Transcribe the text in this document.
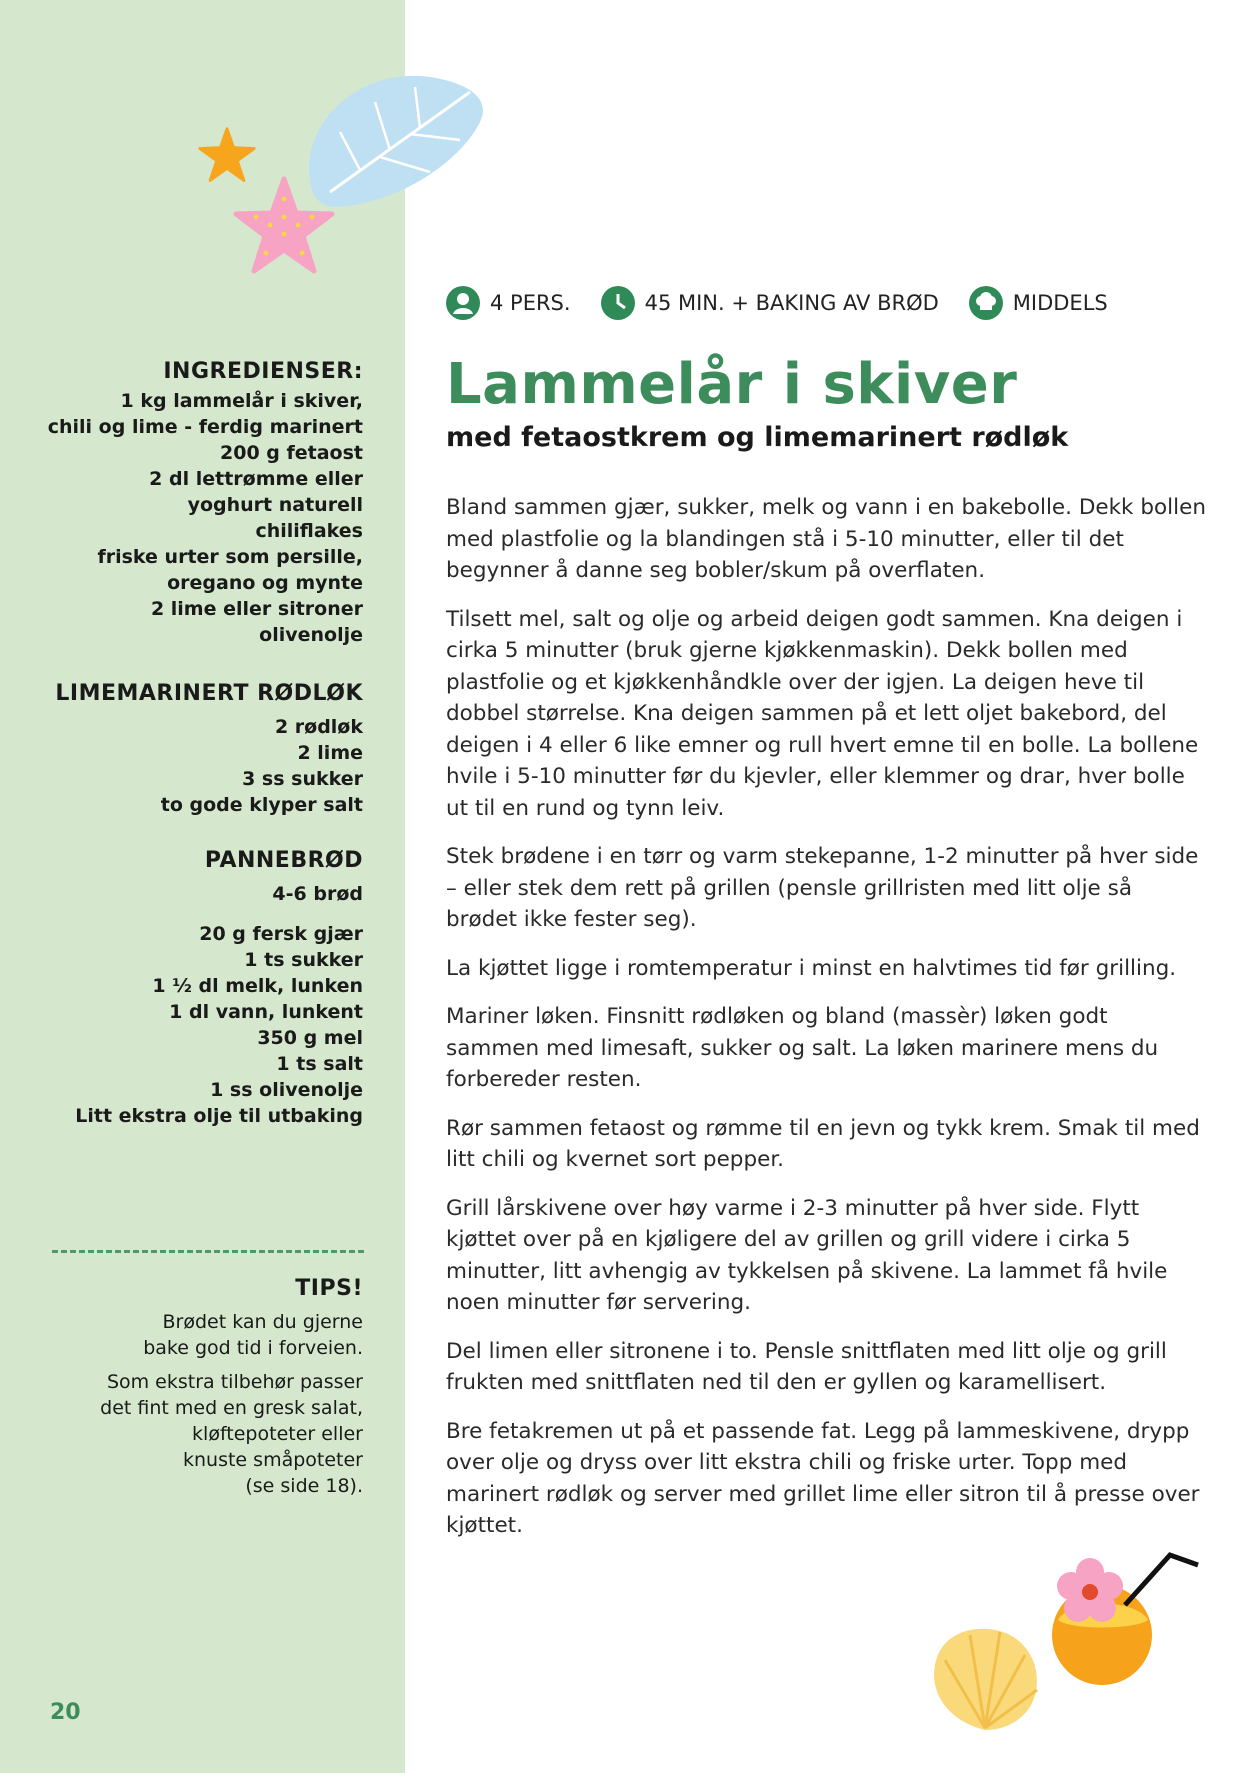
4 PERS.	45 MIN. + BAKING AV BRØD	MIDDELS
Lammelår i skiver
med fetaostkrem og limemarinert rødløk
INGREDIENSER:
1 kg lammelår i skiver,
chili og lime - ferdig marinert
200 g fetaost
2 dl lettrømme eller
yoghurt naturell
chiliflakes
friske urter som persille,
oregano og mynte
2 lime eller sitroner
olivenolje
LIMEMARINERT RØDLØK
2 rødløk
2 lime
3 ss sukker
to gode klyper salt
PANNEBRØD
4-6 brød
20 g fersk gjær
1 ts sukker
1 ½ dl melk, lunken
1 dl vann, lunkent
350 g mel
1 ts salt
1 ss olivenolje
Litt ekstra olje til utbaking
TIPS!
Brødet kan du gjerne
bake god tid i forveien.
Som ekstra tilbehør passer
det fint med en gresk salat,
kløftepoteter eller
knuste småpoteter
(se side 18).

Bland sammen gjær, sukker, melk og vann i en bakebolle. Dekk bollen med plastfolie og la blandingen stå i 5-10 minutter, eller til det begynner å danne seg bobler/skum på overflaten.

Tilsett mel, salt og olje og arbeid deigen godt sammen. Kna deigen i cirka 5 minutter (bruk gjerne kjøkkenmaskin). Dekk bollen med plastfolie og et kjøkkenhåndkle over der igjen. La deigen heve til dobbel størrelse. Kna deigen sammen på et lett oljet bakebord, del deigen i 4 eller 6 like emner og rull hvert emne til en bolle. La bollene hvile i 5-10 minutter før du kjevler, eller klemmer og drar, hver bolle ut til en rund og tynn leiv.

Stek brødene i en tørr og varm stekepanne, 1-2 minutter på hver side – eller stek dem rett på grillen (pensle grillristen med litt olje så brødet ikke fester seg).

La kjøttet ligge i romtemperatur i minst en halvtimes tid før grilling.

Mariner løken. Finsnitt rødløken og bland (massèr) løken godt sammen med limesaft, sukker og salt. La løken marinere mens du forbereder resten.

Rør sammen fetaost og rømme til en jevn og tykk krem. Smak til med litt chili og kvernet sort pepper.

Grill lårskivene over høy varme i 2-3 minutter på hver side. Flytt kjøttet over på en kjøligere del av grillen og grill videre i cirka 5 minutter, litt avhengig av tykkelsen på skivene. La lammet få hvile noen minutter før servering.

Del limen eller sitronene i to. Pensle snittflaten med litt olje og grill frukten med snittflaten ned til den er gyllen og karamellisert.

Bre fetakremen ut på et passende fat. Legg på lammeskivene, drypp over olje og dryss over litt ekstra chili og friske urter. Topp med marinert rødløk og server med grillet lime eller sitron til å presse over kjøttet.

20
